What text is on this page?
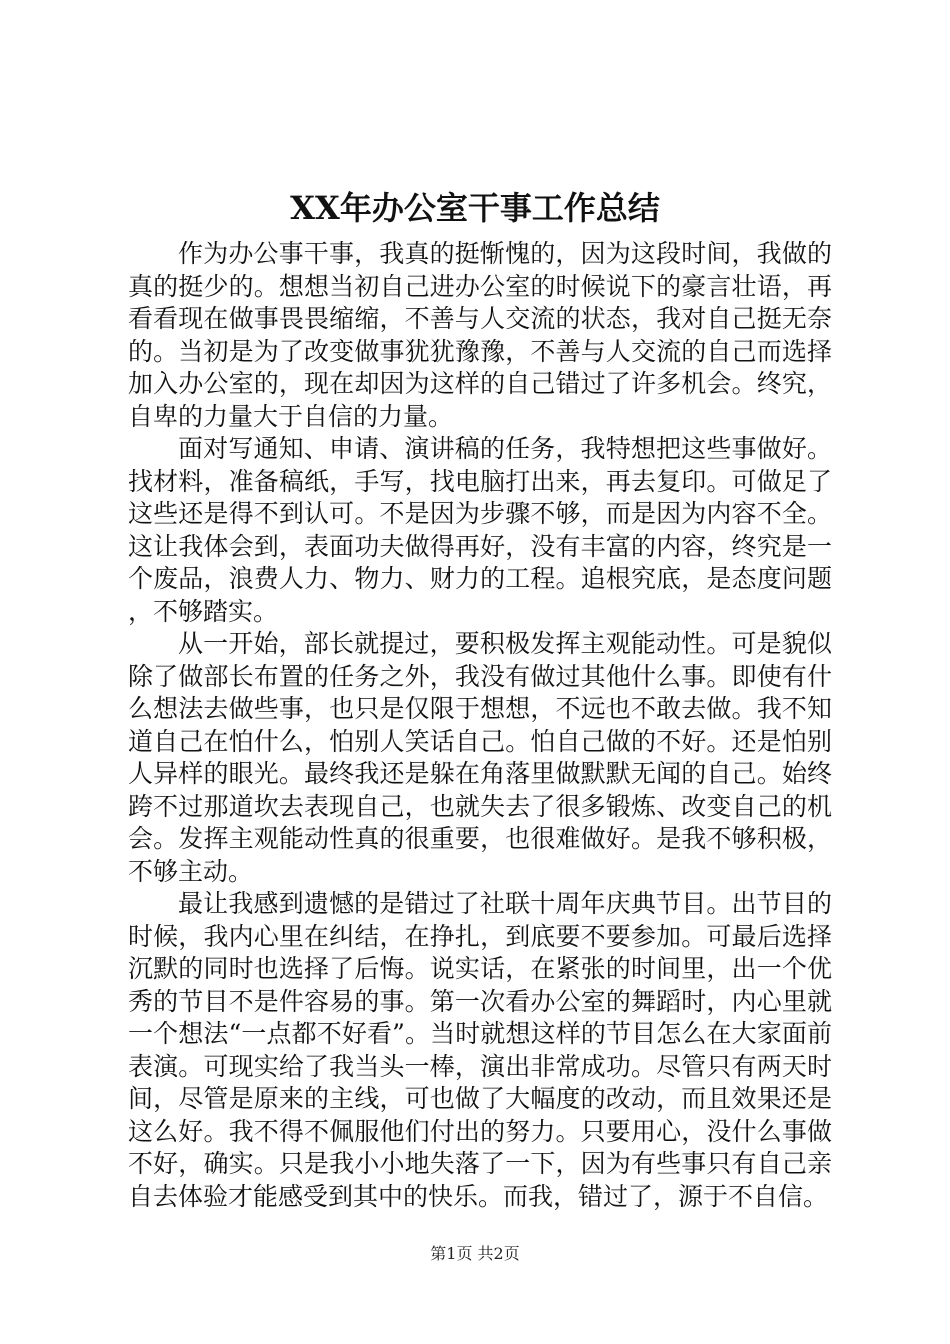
XX年办公室干事工作总结

作为办公事干事，我真的挺惭愧的，因为这段时间，我做的真的挺少的。想想当初自己进办公室的时候说下的豪言壮语，再看看现在做事畏畏缩缩，不善与人交流的状态，我对自己挺无奈的。当初是为了改变做事犹犹豫豫，不善与人交流的自己而选择加入办公室的，现在却因为这样的自己错过了许多机会。终究，自卑的力量大于自信的力量。

面对写通知、申请、演讲稿的任务，我特想把这些事做好。找材料，准备稿纸，手写，找电脑打出来，再去复印。可做足了这些还是得不到认可。不是因为步骤不够，而是因为内容不全。这让我体会到，表面功夫做得再好，没有丰富的内容，终究是一个废品，浪费人力、物力、财力的工程。追根究底，是态度问题，不够踏实。

从一开始，部长就提过，要积极发挥主观能动性。可是貌似除了做部长布置的任务之外，我没有做过其他什么事。即使有什么想法去做些事，也只是仅限于想想，不远也不敢去做。我不知道自己在怕什么，怕别人笑话自己。怕自己做的不好。还是怕别人异样的眼光。最终我还是躲在角落里做默默无闻的自己。始终跨不过那道坎去表现自己，也就失去了很多锻炼、改变自己的机会。发挥主观能动性真的很重要，也很难做好。是我不够积极，不够主动。

最让我感到遗憾的是错过了社联十周年庆典节目。出节目的时候，我内心里在纠结，在挣扎，到底要不要参加。可最后选择沉默的同时也选择了后悔。说实话，在紧张的时间里，出一个优秀的节目不是件容易的事。第一次看办公室的舞蹈时，内心里就一个想法“一点都不好看”。当时就想这样的节目怎么在大家面前表演。可现实给了我当头一棒，演出非常成功。尽管只有两天时间，尽管是原来的主线，可也做了大幅度的改动，而且效果还是这么好。我不得不佩服他们付出的努力。只要用心，没什么事做不好，确实。只是我小小地失落了一下，因为有些事只有自己亲自去体验才能感受到其中的快乐。而我，错过了，源于不自信。

第1页 共2页
